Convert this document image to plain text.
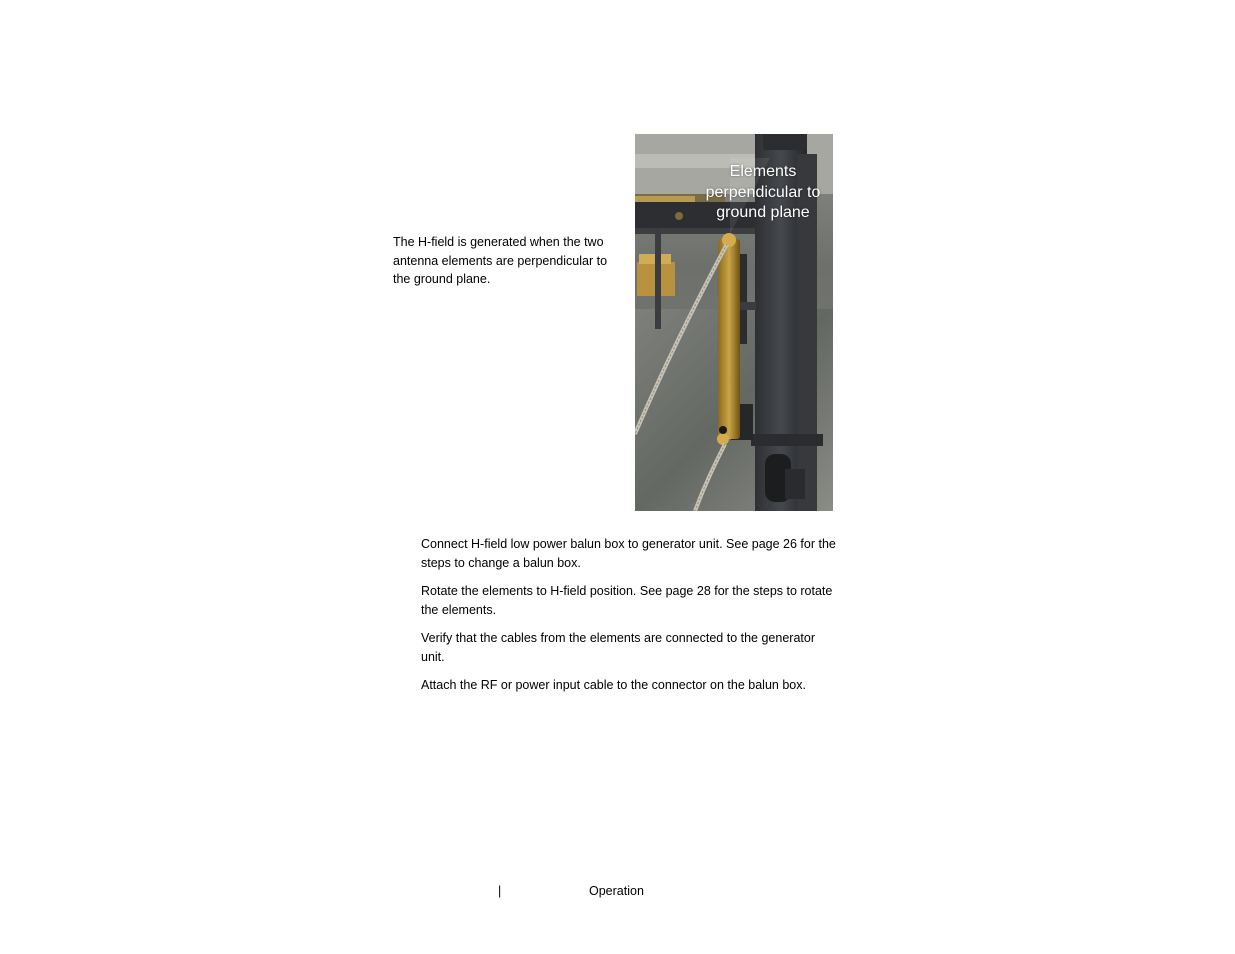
The H-field is generated when the two antenna elements are perpendicular to the ground plane.

Elements perpendicular to ground plane

Connect H-field low power balun box to generator unit. See page 26 for the steps to change a balun box.
Rotate the elements to H-field position. See page 28 for the steps to rotate the elements.
Verify that the cables from the elements are connected to the generator unit.
Attach the RF or power input cable to the connector on the balun box.
|	Operation
